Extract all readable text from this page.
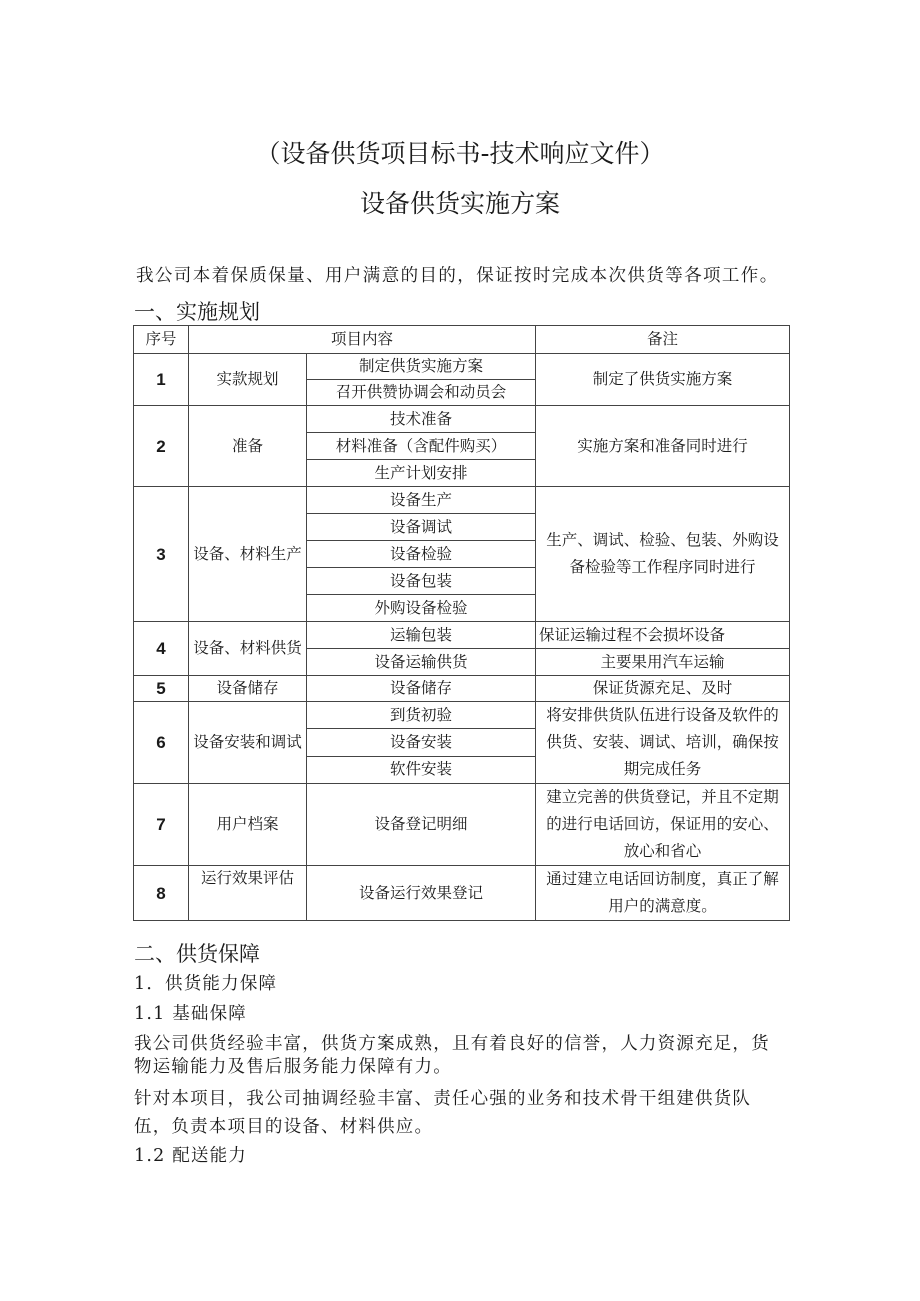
（设备供货项目标书-技术响应文件）
设备供货实施方案
我公司本着保质保量、用户满意的目的，保证按时完成本次供货等各项工作。
一、实施规划
序号	项目内容		备注
1	实款规划	制定供货实施方案	制定了供货实施方案
		召开供赞协调会和动员会	
2	准备	技术准备	实施方案和准备同时进行
		材料准备（含配件购买）	
		生产计划安排	
3	设备、材料生产	设备生产	生产、调试、检验、包装、外购设备检验等工作程序同时进行
		设备调试	
		设备检验	
		设备包装	
		外购设备检验	
4	设备、材料供货	运输包装	保证运输过程不会损坏设备
		设备运输供货	主要果用汽车运输
5	设备储存	设备储存	保证货源充足、及时
6	设备安装和调试	到货初验	将安排供货队伍进行设备及软件的供货、安装、调试、培训，确保按期完成任务
		设备安装	
		软件安装	
7	用户档案	设备登记明细	建立完善的供货登记，并且不定期的进行电话回访，保证用的安心、放心和省心
8	运行效果评估	设备运行效果登记	通过建立电话回访制度，真正了解用户的满意度。
二、供货保障
1．供货能力保障
1.1 基础保障
我公司供货经验丰富，供货方案成熟，且有着良好的信誉，人力资源充足，货
物运输能力及售后服务能力保障有力。
针对本项目，我公司抽调经验丰富、责任心强的业务和技术骨干组建供货队
伍，负责本项目的设备、材料供应。
1.2 配送能力
